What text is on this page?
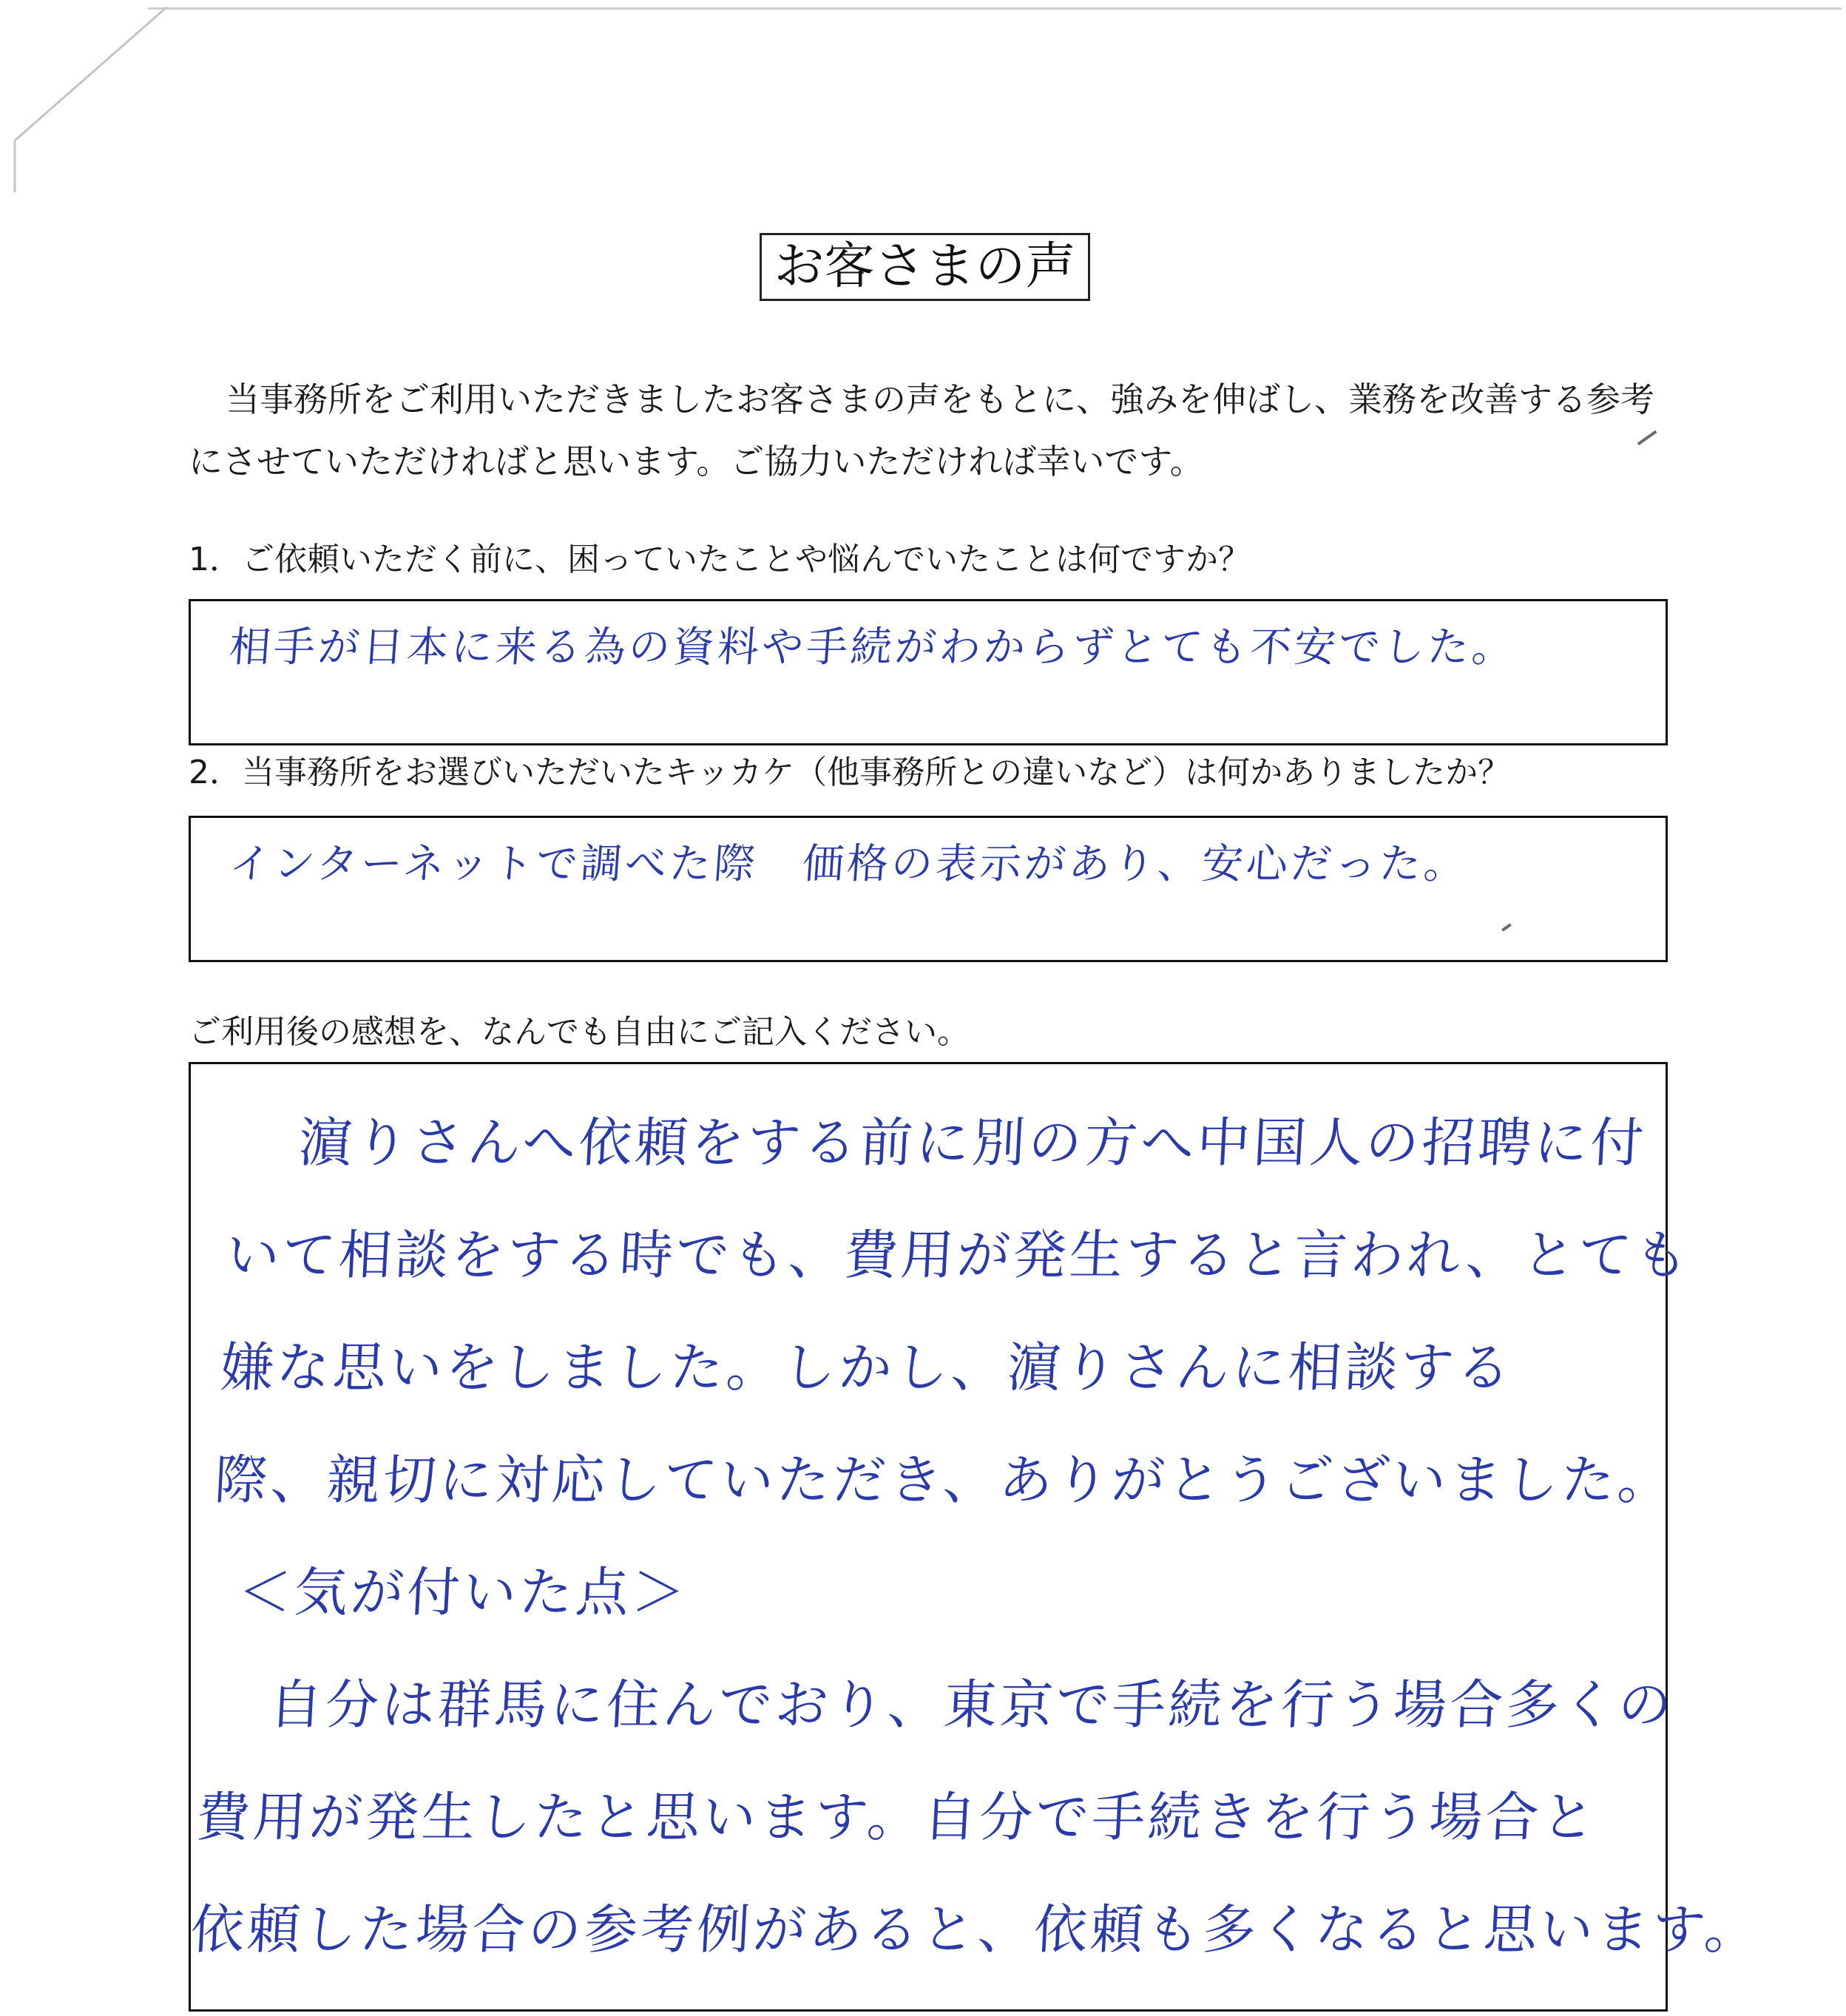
お客さまの声
当事務所をご利用いただきましたお客さまの声をもとに、強みを伸ばし、業務を改善する参考にさせていただければと思います。ご協力いただければ幸いです。
1．ご依頼いただく前に、困っていたことや悩んでいたことは何ですか？
相手が日本に来る為の資料や手続がわからずとても不安でした。
2．当事務所をお選びいただいたキッカケ（他事務所との違いなど）は何かありましたか？
インターネットで調べた際　価格の表示があり、安心だった。
ご利用後の感想を、なんでも自由にご記入ください。
濵りさんへ依頼をする前に別の方へ中国人の招聘に付
いて相談をする時でも、費用が発生すると言われ、とても
嫌な思いをしました。しかし、濵りさんに相談する
際、親切に対応していただき、ありがとうございました。
＜気が付いた点＞
自分は群馬に住んでおり、東京で手続を行う場合多くの
費用が発生したと思います。自分で手続きを行う場合と
依頼した場合の参考例があると、依頼も多くなると思います。
